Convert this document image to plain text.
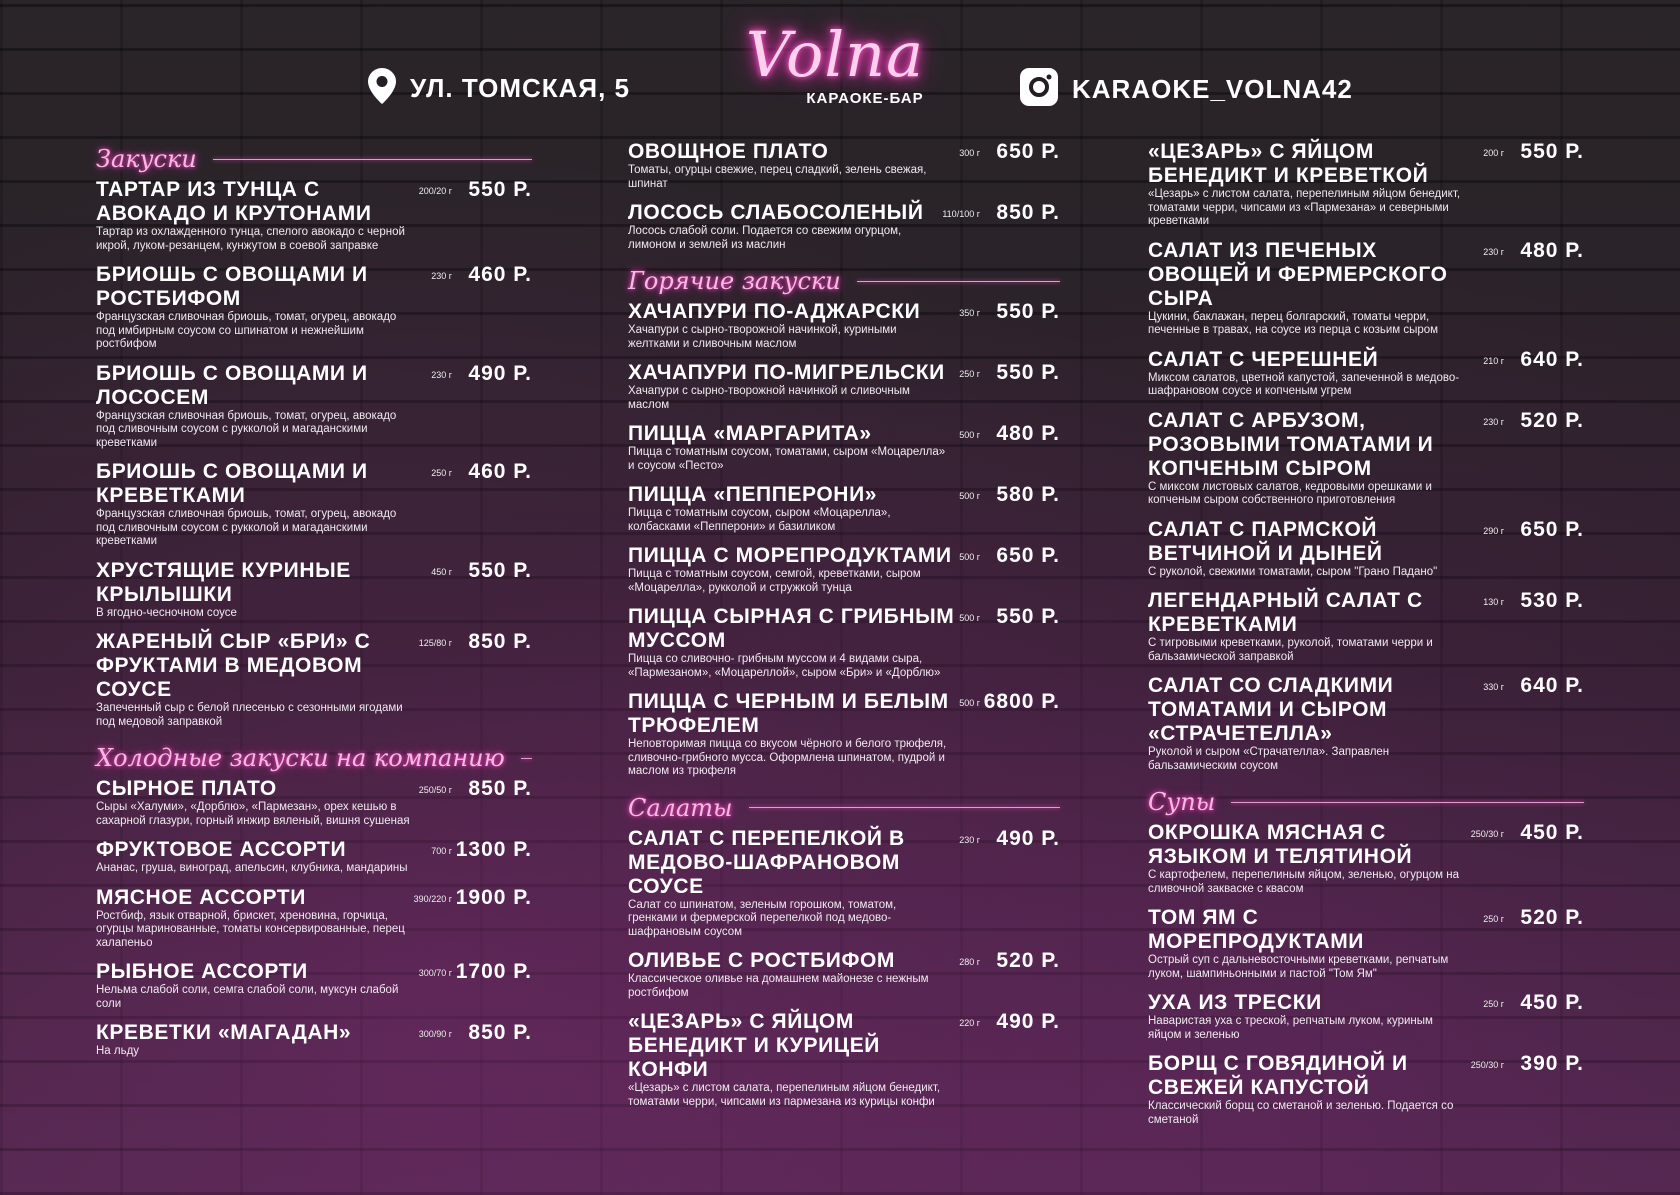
УЛ. ТОМСКАЯ, 5 Volna
КАРАОКЕ-БАР	KARAOKE_VOLNA42
Закуски
ТАРТАР ИЗ ТУНЦА С АВОКАДО И КРУТОНАМИ
Тартар из охлажденного тунца, спелого авокадо с черной икрой, луком-резанцем, кунжутом в соевой заправке
200/20 г 550 Р.
БРИОШЬ С ОВОЩАМИ И РОСТБИФОМ
Французская сливочная бриошь, томат, огурец, авокадо под имбирным соусом со шпинатом и нежнейшим ростбифом
230 г 460 Р.
БРИОШЬ С ОВОЩАМИ И ЛОСОСЕМ
Французская сливочная бриошь, томат, огурец, авокадо под сливочным соусом с рукколой и магаданскими креветками
230 г 490 Р.
БРИОШЬ С ОВОЩАМИ И КРЕВЕТКАМИ
Французская сливочная бриошь, томат, огурец, авокадо под сливочным соусом с рукколой и магаданскими креветками
250 г 460 Р.
ХРУСТЯЩИЕ КУРИНЫЕ КРЫЛЫШКИ
В ягодно-чесночном соусе
450 г 550 Р.
ЖАРЕНЫЙ СЫР «БРИ» С ФРУКТАМИ В МЕДОВОМ СОУСЕ
Запеченный сыр с белой плесенью с сезонными ягодами под медовой заправкой
125/80 г 850 Р.
Холодные закуски на компанию
СЫРНОЕ ПЛАТО
Сыры «Халуми», «Дорблю», «Пармезан», орех кешью в сахарной глазури, горный инжир вяленый, вишня сушеная
250/50 г 850 Р.
ФРУКТОВОЕ АССОРТИ
Ананас, груша, виноград, апельсин, клубника, мандарины
700 г 1300 Р.
МЯСНОЕ АССОРТИ
Ростбиф, язык отварной, брискет, хреновина, горчица, огурцы маринованные, томаты консервированные, перец халапеньо
390/220 г 1900 Р.
РЫБНОЕ АССОРТИ
Нельма слабой соли, семга слабой соли, муксун слабой соли
300/70 г 1700 Р.
КРЕВЕТКИ «МАГАДАН»
На льду
300/90 г 850 Р.
ОВОЩНОЕ ПЛАТО
Томаты, огурцы свежие, перец сладкий, зелень свежая, шпинат
300 г 650 Р.
ЛОСОСЬ СЛАБОСОЛЕНЫЙ
Лосось слабой соли. Подается со свежим огурцом, лимоном и землей из маслин
110/100 г 850 Р.
Горячие закуски
ХАЧАПУРИ ПО-АДЖАРСКИ
Хачапури с сырно-творожной начинкой, куриными желтками и сливочным маслом
350 г 550 Р.
ХАЧАПУРИ ПО-МИГРЕЛЬСКИ
Хачапури с сырно-творожной начинкой и сливочным маслом
250 г 550 Р.
ПИЦЦА «МАРГАРИТА»
Пицца с томатным соусом, томатами, сыром «Моцарелла» и соусом «Песто»
500 г 480 Р.
ПИЦЦА «ПЕППЕРОНИ»
Пицца с томатным соусом, сыром «Моцарелла», колбасками «Пепперони» и базиликом
500 г 580 Р.
ПИЦЦА С МОРЕПРОДУКТАМИ
Пицца с томатным соусом, семгой, креветками, сыром «Моцарелла», рукколой и стружкой тунца
500 г 650 Р.
ПИЦЦА СЫРНАЯ С ГРИБНЫМ МУССОМ
Пицца со сливочно- грибным муссом и 4 видами сыра, «Пармезаном», «Моцареллой», сыром «Бри» и «Дорблю»
500 г 550 Р.
ПИЦЦА С ЧЕРНЫМ И БЕЛЫМ ТРЮФЕЛЕМ
Неповторимая пицца со вкусом чёрного и белого трюфеля, сливочно-грибного мусса. Оформлена шпинатом, пудрой и маслом из трюфеля
500 г 6800 Р.
Салаты
САЛАТ С ПЕРЕПЕЛКОЙ В МЕДОВО-ШАФРАНОВОМ СОУСЕ
Салат со шпинатом, зеленым горошком, томатом, гренками и фермерской перепелкой под медово-шафрановым соусом
230 г 490 Р.
ОЛИВЬЕ С РОСТБИФОМ
Классическое оливье на домашнем майонезе с нежным ростбифом
280 г 520 Р.
«ЦЕЗАРЬ» С ЯЙЦОМ БЕНЕДИКТ И КУРИЦЕЙ КОНФИ
«Цезарь» с листом салата, перепелиным яйцом бенедикт, томатами черри, чипсами из пармезана из курицы конфи
220 г 490 Р.
«ЦЕЗАРЬ» С ЯЙЦОМ БЕНЕДИКТ И КРЕВЕТКОЙ
«Цезарь» с листом салата, перепелиным яйцом бенедикт, томатами черри, чипсами из «Пармезана» и северными креветками
200 г 550 Р.
САЛАТ ИЗ ПЕЧЕНЫХ ОВОЩЕЙ И ФЕРМЕРСКОГО СЫРА
Цукини, баклажан, перец болгарский, томаты черри, печенные в травах, на соусе из перца с козьим сыром
230 г 480 Р.
САЛАТ С ЧЕРЕШНЕЙ
Миксом салатов, цветной капустой, запеченной в медово-шафрановом соусе и копченым угрем
210 г 640 Р.
САЛАТ С АРБУЗОМ, РОЗОВЫМИ ТОМАТАМИ И КОПЧЕНЫМ СЫРОМ
С миксом листовых салатов, кедровыми орешками и копченым сыром собственного приготовления
230 г 520 Р.
САЛАТ С ПАРМСКОЙ ВЕТЧИНОЙ И ДЫНЕЙ
С руколой, свежими томатами, сыром "Грано Падано"
290 г 650 Р.
ЛЕГЕНДАРНЫЙ САЛАТ С КРЕВЕТКАМИ
С тигровыми креветками, руколой, томатами черри и бальзамической заправкой
130 г 530 Р.
САЛАТ СО СЛАДКИМИ ТОМАТАМИ И СЫРОМ «СТРАЧЕТЕЛЛА»
Руколой и сыром «Страчателла». Заправлен бальзамическим соусом
330 г 640 Р.
Супы
ОКРОШКА МЯСНАЯ С ЯЗЫКОМ И ТЕЛЯТИНОЙ
С картофелем, перепелиным яйцом, зеленью, огурцом на сливочной закваске с квасом
250/30 г 450 Р.
ТОМ ЯМ С МОРЕПРОДУКТАМИ
Острый суп с дальневосточными креветками, репчатым луком, шампиньонными и пастой "Том Ям"
250 г 520 Р.
УХА ИЗ ТРЕСКИ
Наваристая уха с треской, репчатым луком, куриным яйцом и зеленью
250 г 450 Р.
БОРЩ С ГОВЯДИНОЙ И СВЕЖЕЙ КАПУСТОЙ
Классический борщ со сметаной и зеленью. Подается со сметаной
250/30 г 390 Р.
